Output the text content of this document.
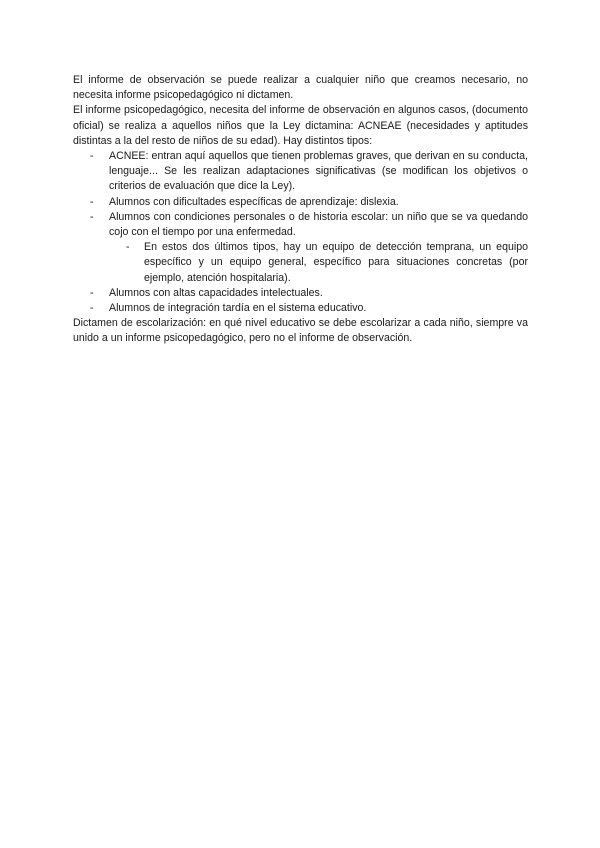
El informe de observación se puede realizar a cualquier niño que creamos necesario, no necesita informe psicopedagógico ni dictamen.

El informe psicopedagógico, necesita del informe de observación en algunos casos, (documento oficial) se realiza a aquellos niños que la Ley dictamina: ACNEAE (necesidades y aptitudes distintas a la del resto de niños de su edad). Hay distintos tipos:

- ACNEE: entran aquí aquellos que tienen problemas graves, que derivan en su conducta, lenguaje... Se les realizan adaptaciones significativas (se modifican los objetivos o criterios de evaluación que dice la Ley).
- Alumnos con dificultades específicas de aprendizaje: dislexia.
- Alumnos con condiciones personales o de historia escolar: un niño que se va quedando cojo con el tiempo por una enfermedad.
- En estos dos últimos tipos, hay un equipo de detección temprana, un equipo específico y un equipo general, específico para situaciones concretas (por ejemplo, atención hospitalaria).
- Alumnos con altas capacidades intelectuales.
- Alumnos de integración tardía en el sistema educativo.

Dictamen de escolarización: en qué nivel educativo se debe escolarizar a cada niño, siempre va unido a un informe psicopedagógico, pero no el informe de observación.
